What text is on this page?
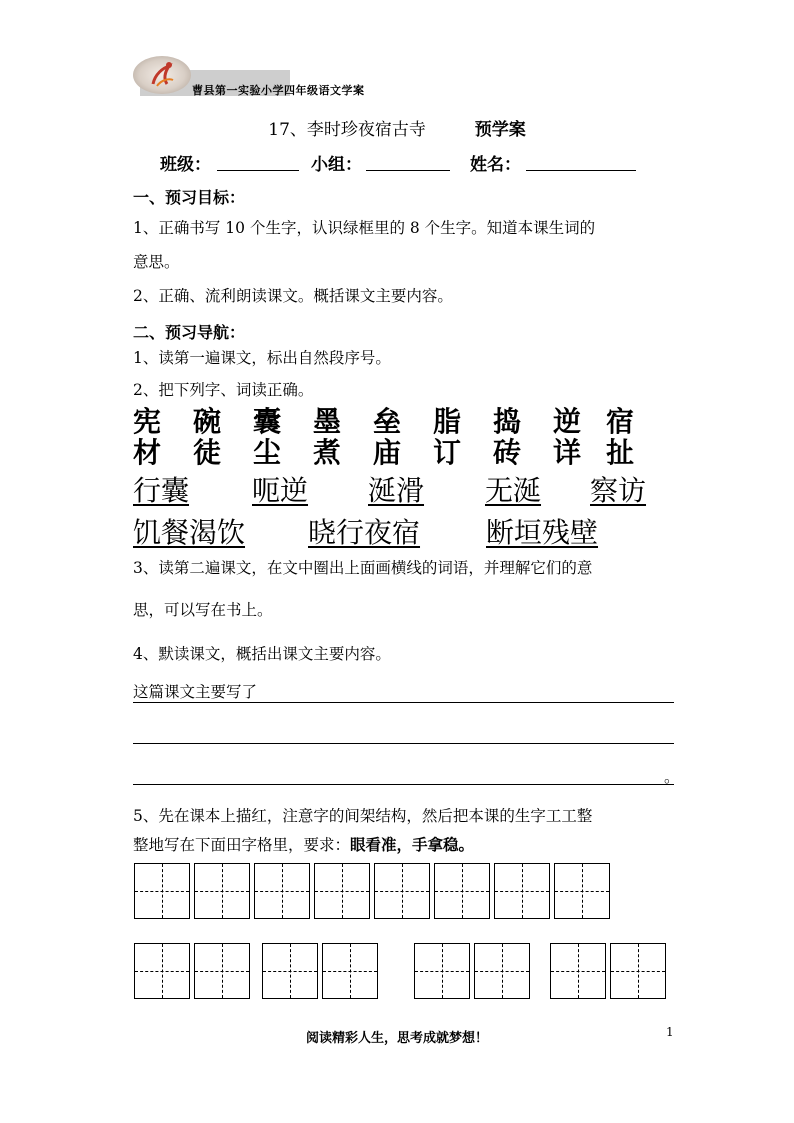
曹县第一实验小学四年级语文学案
17、李时珍夜宿古寺	预学案
班级：	小组：	姓名：
一、预习目标：
1、正确书写 10 个生字，认识绿框里的 8 个生字。知道本课生词的
意思。
2、正确、流利朗读课文。概括课文主要内容。
二、预习导航：
1、读第一遍课文，标出自然段序号。
2、把下列字、词读正确。
宪 碗 囊 墨 垒 脂 捣 逆 宿
材 徒 尘 煮 庙 订 砖 详 扯
行囊 呃逆 涎滑 无涎 察访
饥餐渴饮 晓行夜宿 断垣残壁
3、读第二遍课文，在文中圈出上面画横线的词语，并理解它们的意
思，可以写在书上。
4、默读课文，概括出课文主要内容。
这篇课文主要写了
。
5、先在课本上描红，注意字的间架结构，然后把本课的生字工工整
整地写在下面田字格里，要求：眼看准，手拿稳。
阅读精彩人生，思考成就梦想！	1
